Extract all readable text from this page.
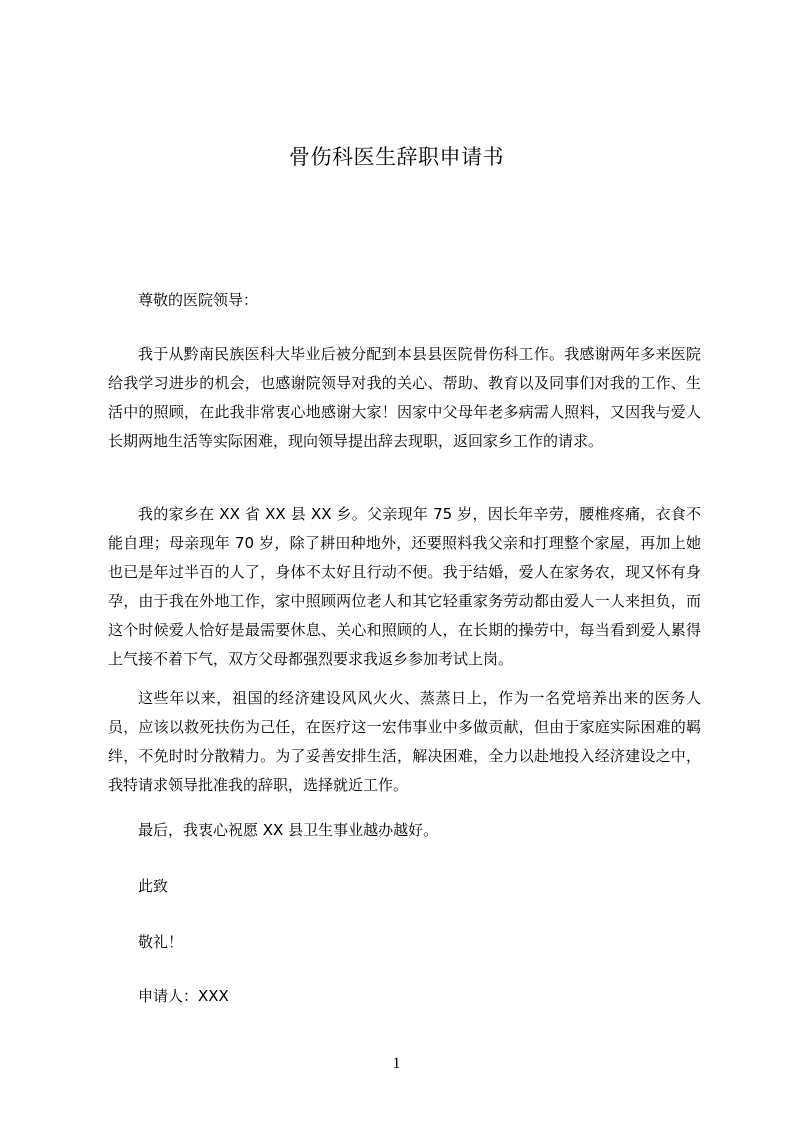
骨伤科医生辞职申请书

尊敬的医院领导：

我于从黔南民族医科大毕业后被分配到本县县医院骨伤科工作。我感谢两年多来医院给我学习进步的机会，也感谢院领导对我的关心、帮助、教育以及同事们对我的工作、生活中的照顾，在此我非常衷心地感谢大家！因家中父母年老多病需人照料，又因我与爱人长期两地生活等实际困难，现向领导提出辞去现职，返回家乡工作的请求。

我的家乡在 XX 省 XX 县 XX 乡。父亲现年 75 岁，因长年辛劳，腰椎疼痛，衣食不能自理；母亲现年 70 岁，除了耕田种地外，还要照料我父亲和打理整个家屋，再加上她也已是年过半百的人了，身体不太好且行动不便。我于结婚，爱人在家务农，现又怀有身孕，由于我在外地工作，家中照顾两位老人和其它轻重家务劳动都由爱人一人来担负，而这个时候爱人恰好是最需要休息、关心和照顾的人，在长期的操劳中，每当看到爱人累得上气接不着下气，双方父母都强烈要求我返乡参加考试上岗。

这些年以来，祖国的经济建设风风火火、蒸蒸日上，作为一名党培养出来的医务人员，应该以救死扶伤为己任，在医疗这一宏伟事业中多做贡献，但由于家庭实际困难的羁绊，不免时时分散精力。为了妥善安排生活，解决困难，全力以赴地投入经济建设之中，我特请求领导批准我的辞职，选择就近工作。

最后，我衷心祝愿 XX 县卫生事业越办越好。

此致

敬礼！

申请人：XXX

1
